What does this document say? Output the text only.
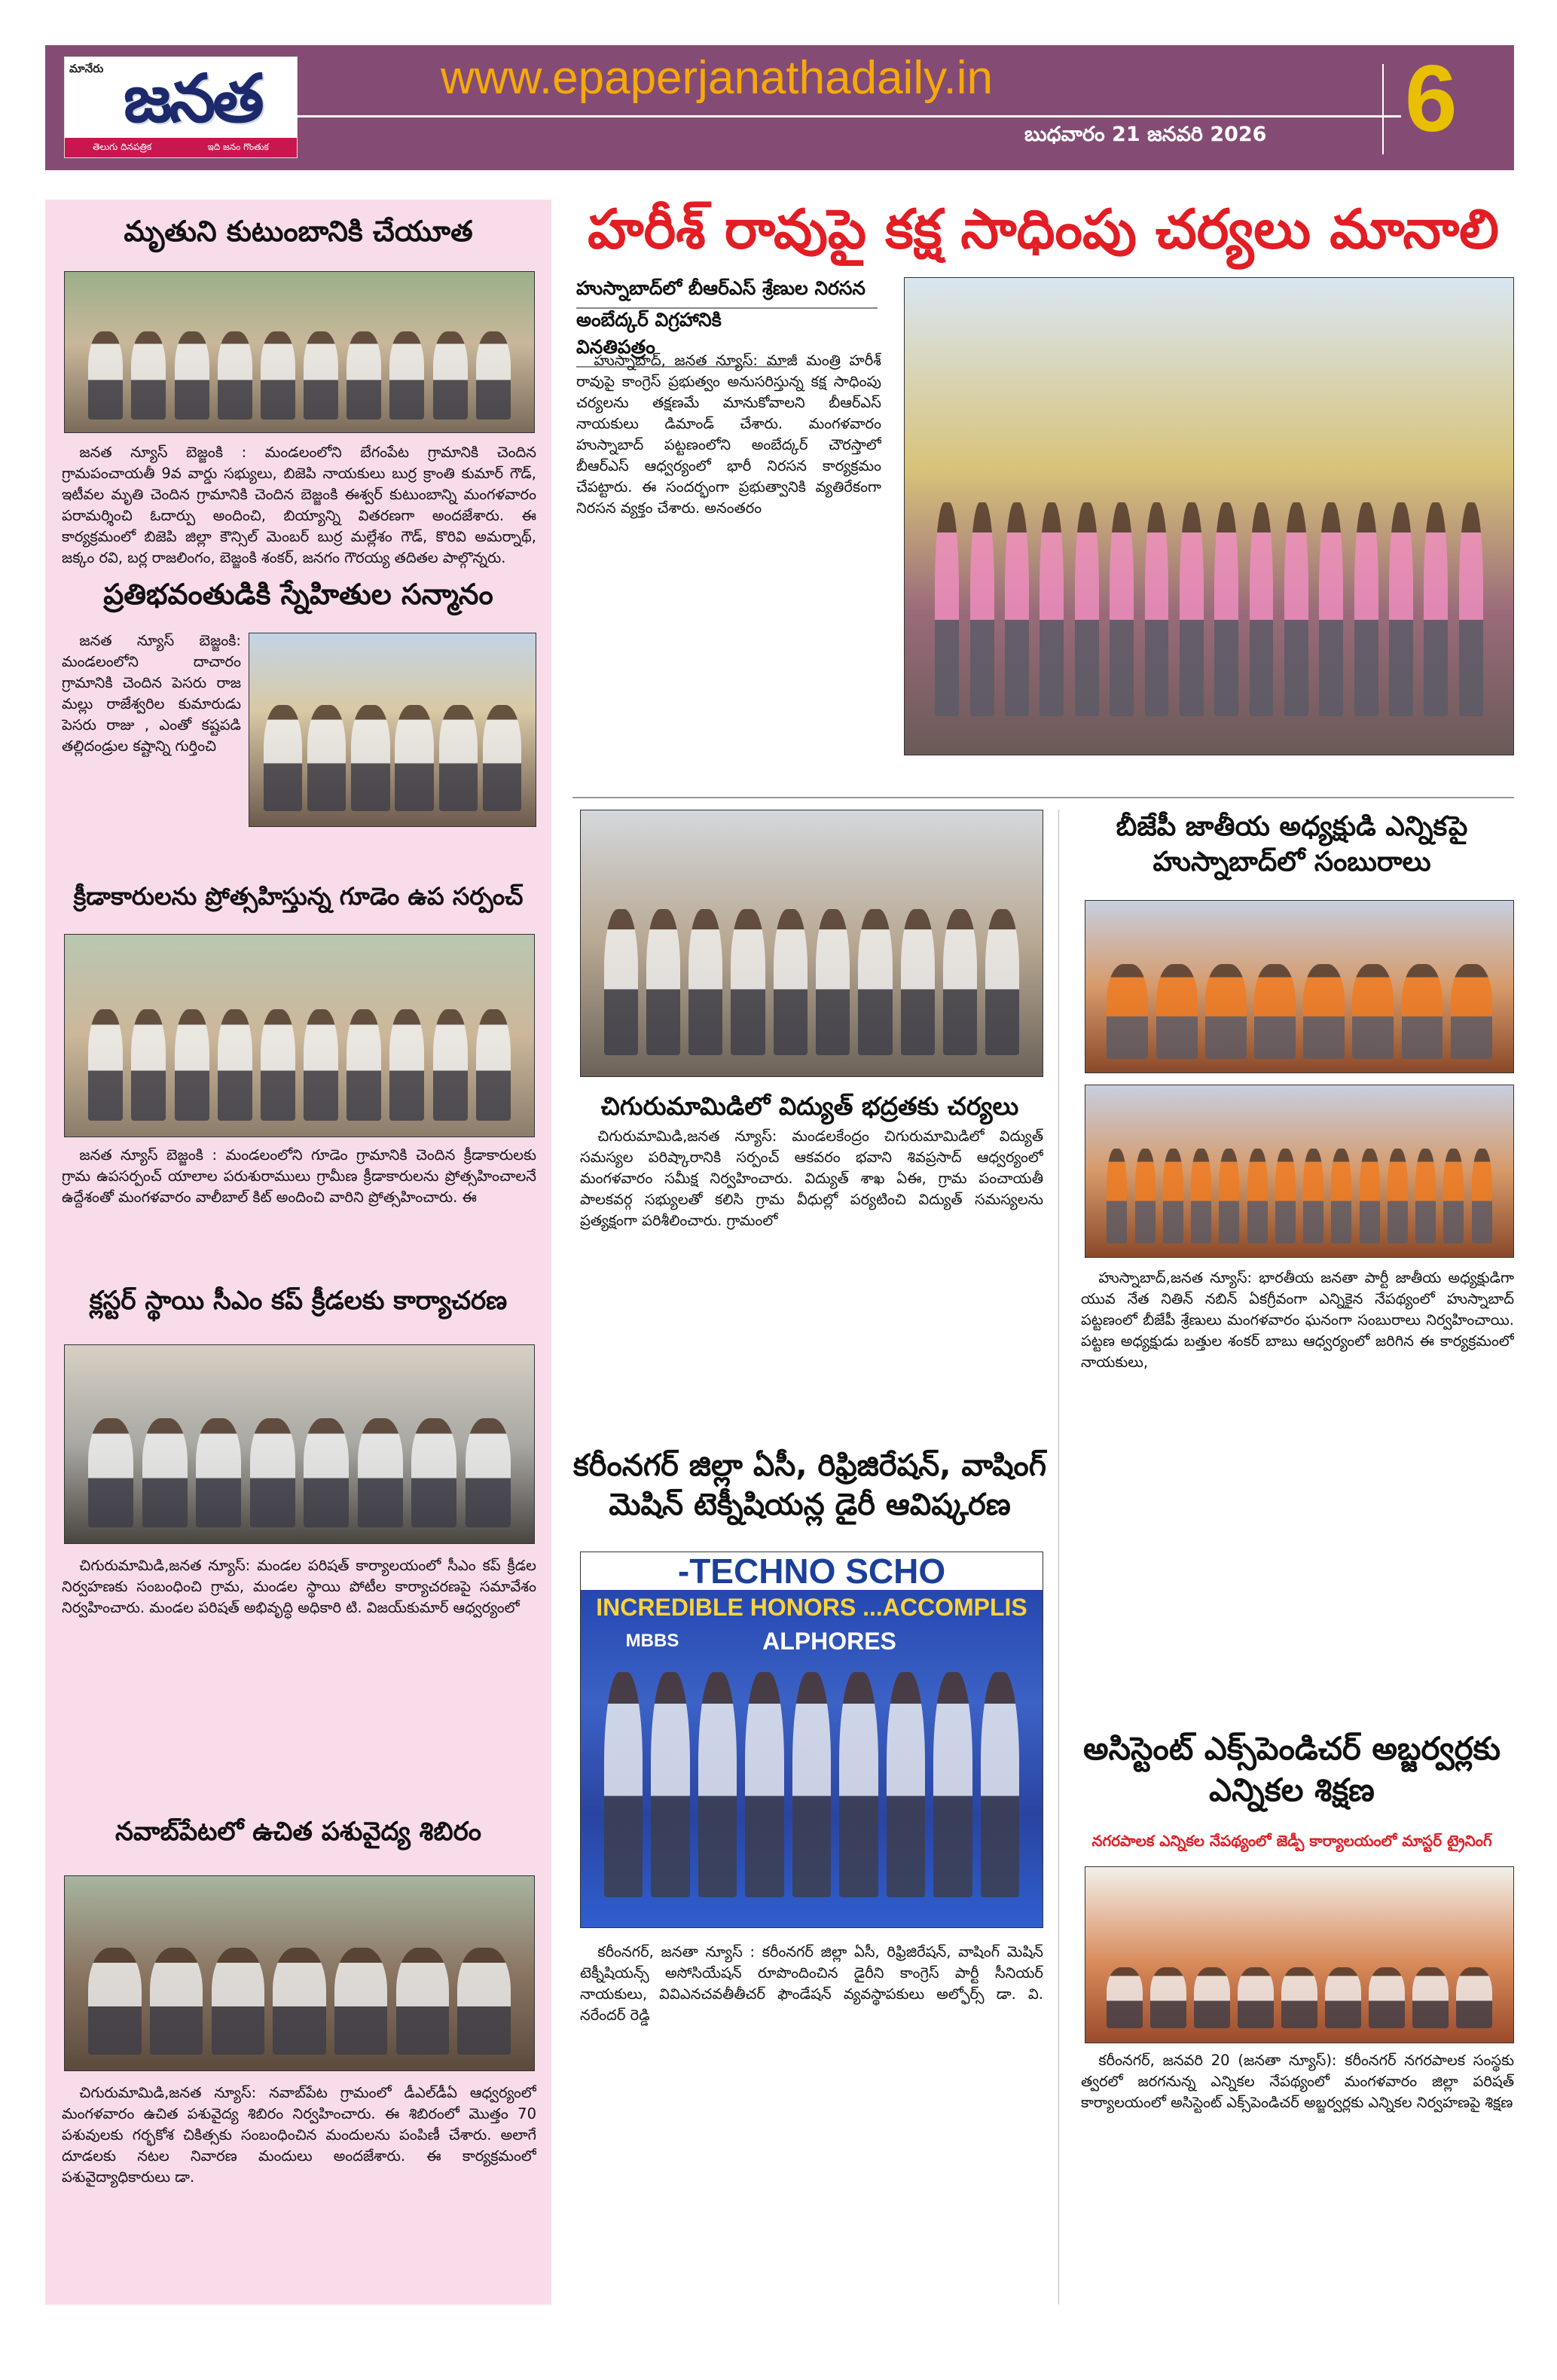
మానేరు జనత
తెలుగు దినపత్రిక	ఇది జనం గొంతుక
www.epaperjanathadaily.in
బుధవారం 21 జనవరి 2026 6
మృతుని కుటుంబానికి చేయూత
జనత న్యూస్ బెజ్జంకి : మండలంలోని బేగంపేట గ్రామానికి చెందిన గ్రామపంచాయతీ 9వ వార్డు సభ్యులు, బిజెపి నాయకులు బుర్ర క్రాంతి కుమార్ గౌడ్, ఇటీవల మృతి చెందిన గ్రామానికి చెందిన బెజ్జంకి ఈశ్వర్ కుటుంబాన్ని మంగళవారం పరామర్శించి ఓదార్పు అందించి, బియ్యాన్ని వితరణగా అందజేశారు. ఈ కార్యక్రమంలో బిజెపి జిల్లా కౌన్సిల్ మెంబర్ బుర్ర మల్లేశం గౌడ్, కొరివి అమర్నాథ్, జక్కం రవి, బర్ల రాజలింగం, బెజ్జంకి శంకర్, జనగం గౌరయ్య తదితల పాల్గొన్నరు.
ప్రతిభవంతుడికి స్నేహితుల సన్మానం
జనత న్యూస్ బెజ్జంకి: మండలంలోని దాచారం గ్రామానికి చెందిన పెసరు రాజ మల్లు రాజేశ్వరిల కుమారుడు పెసరు రాజు , ఎంతో కష్టపడి తల్లిదండ్రుల కష్టాన్ని గుర్తించి
క్రీడాకారులను ప్రోత్సహిస్తున్న గూడెం ఉప సర్పంచ్
జనత న్యూస్ బెజ్జంకి : మండలంలోని గూడెం గ్రామానికి చెందిన క్రీడాకారులకు గ్రామ ఉపసర్పంచ్ యాలాల పరుశురాములు గ్రామీణ క్రీడాకారులను ప్రోత్సహించాలనే ఉద్దేశంతో మంగళవారం వాలీబాల్ కిట్ అందించి వారిని ప్రోత్సహించారు. ఈ
క్లస్టర్ స్థాయి సీఎం కప్ క్రీడలకు కార్యాచరణ
చిగురుమామిడి,జనత న్యూస్: మండల పరిషత్ కార్యాలయంలో సీఎం కప్ క్రీడల నిర్వహణకు సంబంధించి గ్రామ, మండల స్థాయి పోటీల కార్యాచరణపై సమావేశం నిర్వహించారు. మండల పరిషత్ అభివృద్ధి అధికారి టి. విజయ్‌కుమార్ ఆధ్వర్యంలో
నవాబ్‌పేటలో ఉచిత పశువైద్య శిబిరం
చిగురుమామిడి,జనత న్యూస్: నవాబ్‌పేట గ్రామంలో డీఎల్‌డీఏ ఆధ్వర్యంలో మంగళవారం ఉచిత పశువైద్య శిబిరం నిర్వహించారు. ఈ శిబిరంలో మొత్తం 70 పశువులకు గర్భకోశ చికిత్సకు సంబంధించిన మందులను పంపిణీ చేశారు. అలాగే దూడలకు నటల నివారణ మందులు అందజేశారు. ఈ కార్యక్రమంలో పశువైద్యాధికారులు డా.
హరీశ్ రావుపై కక్ష సాధింపు చర్యలు మానాలి
హుస్నాబాద్‌లో బీఆర్ఎస్ శ్రేణుల నిరసన
అంబేద్కర్ విగ్రహానికి వినతిపత్రం
హుస్నాబాద్, జనత న్యూస్: మాజీ మంత్రి హరీశ్ రావుపై కాంగ్రెస్ ప్రభుత్వం అనుసరిస్తున్న కక్ష సాధింపు చర్యలను తక్షణమే మానుకోవాలని బీఆర్ఎస్ నాయకులు డిమాండ్ చేశారు. మంగళవారం హుస్నాబాద్ పట్టణంలోని అంబేద్కర్ చౌరస్తాలో బీఆర్ఎస్ ఆధ్వర్యంలో భారీ నిరసన కార్యక్రమం చేపట్టారు. ఈ సందర్భంగా ప్రభుత్వానికి వ్యతిరేకంగా నిరసన వ్యక్తం చేశారు. అనంతరం
చిగురుమామిడిలో విద్యుత్ భద్రతకు చర్యలు
చిగురుమామిడి,జనత న్యూస్: మండలకేంద్రం చిగురుమామిడిలో విద్యుత్ సమస్యల పరిష్కారానికి సర్పంచ్ ఆకవరం భవాని శివప్రసాద్ ఆధ్వర్యంలో మంగళవారం సమీక్ష నిర్వహించారు. విద్యుత్ శాఖ ఏఈ, గ్రామ పంచాయతీ పాలకవర్గ సభ్యులతో కలిసి గ్రామ వీధుల్లో పర్యటించి విద్యుత్ సమస్యలను ప్రత్యక్షంగా పరిశీలించారు. గ్రామంలో
కరీంనగర్ జిల్లా ఏసీ, రిఫ్రిజిరేషన్, వాషింగ్ మెషిన్ టెక్నీషియన్ల డైరీ ఆవిష్కరణ
-TECHNO SCHO
INCREDIBLE HONORS ...ACCOMPLIS
MBBS	ALPHORES
కరీంనగర్, జనతా న్యూస్ : కరీంనగర్ జిల్లా ఏసీ, రిఫ్రిజిరేషన్, వాషింగ్ మెషిన్ టెక్నీషియన్స్ అసోసియేషన్ రూపొందించిన డైరీని కాంగ్రెస్ పార్టీ సీనియర్ నాయకులు, వివిఎనచవతీతీచర్ ఫౌండేషన్ వ్యవస్థాపకులు అల్ఫోర్స్ డా. వి. నరేందర్ రెడ్డి
బీజేపీ జాతీయ అధ్యక్షుడి ఎన్నికపై హుస్నాబాద్‌లో సంబురాలు
హుస్నాబాద్,జనత న్యూస్: భారతీయ జనతా పార్టీ జాతీయ అధ్యక్షుడిగా యువ నేత నితిన్ నబిన్ ఏకగ్రీవంగా ఎన్నికైన నేపథ్యంలో హుస్నాబాద్ పట్టణంలో బీజేపీ శ్రేణులు మంగళవారం ఘనంగా సంబురాలు నిర్వహించాయి. పట్టణ అధ్యక్షుడు బత్తుల శంకర్ బాబు ఆధ్వర్యంలో జరిగిన ఈ కార్యక్రమంలో నాయకులు,
అసిస్టెంట్ ఎక్స్‌పెండిచర్ అబ్జర్వర్లకు ఎన్నికల శిక్షణ
నగరపాలక ఎన్నికల నేపథ్యంలో జెడ్పీ కార్యాలయంలో మాస్టర్ ట్రైనింగ్
కరీంనగర్, జనవరి 20 (జనతా న్యూస్): కరీంనగర్ నగరపాలక సంస్థకు త్వరలో జరగనున్న ఎన్నికల నేపథ్యంలో మంగళవారం జిల్లా పరిషత్ కార్యాలయంలో అసిస్టెంట్ ఎక్స్‌పెండిచర్ అబ్జర్వర్లకు ఎన్నికల నిర్వహణపై శిక్షణ
